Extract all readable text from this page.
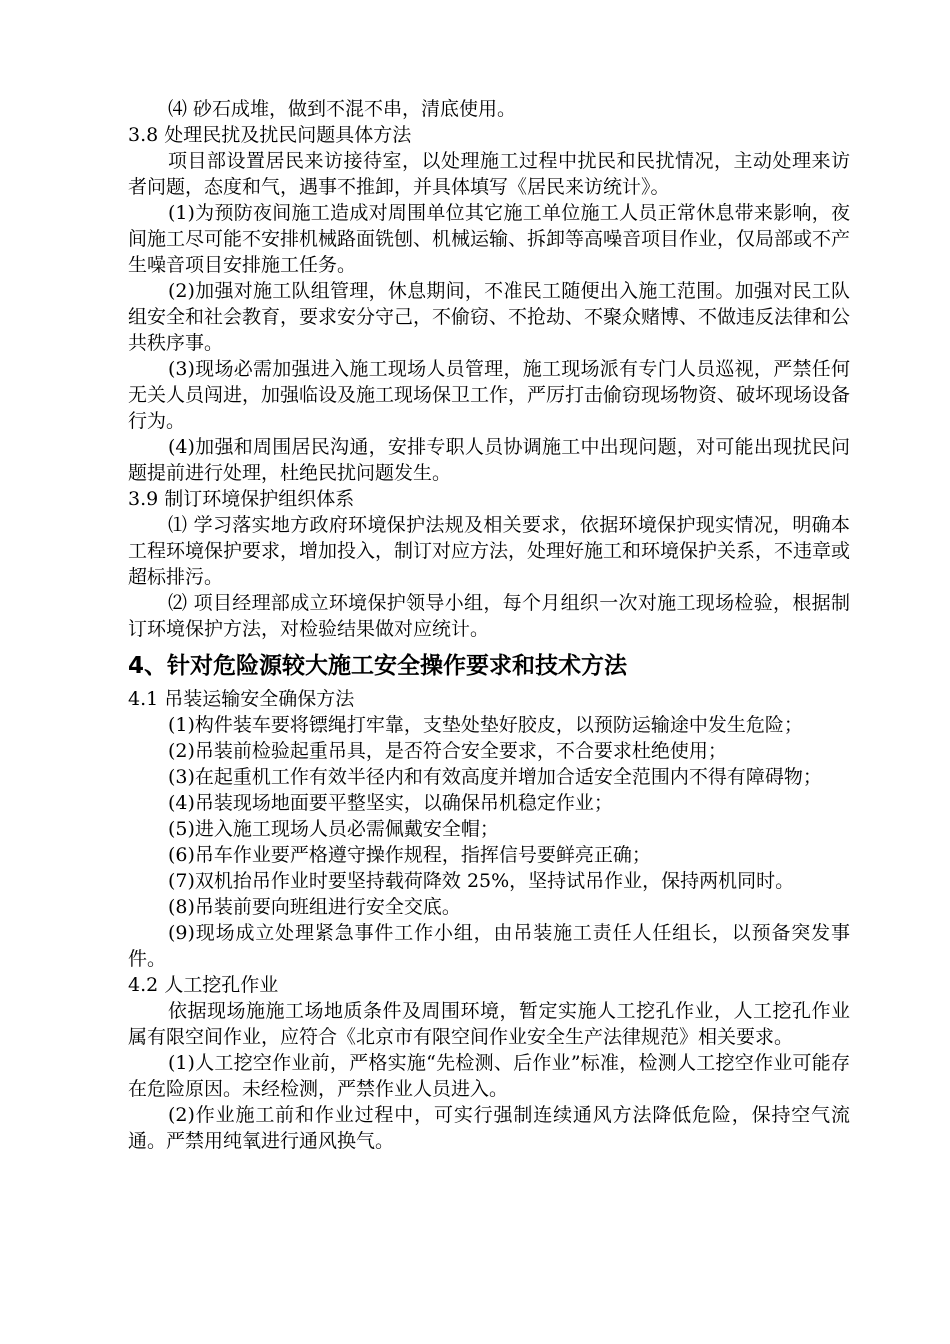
⑷ 砂石成堆，做到不混不串，清底使用。

3.8 处理民扰及扰民问题具体方法

项目部设置居民来访接待室，以处理施工过程中扰民和民扰情况，主动处理来访者问题，态度和气，遇事不推卸，并具体填写《居民来访统计》。

(1)为预防夜间施工造成对周围单位其它施工单位施工人员正常休息带来影响，夜间施工尽可能不安排机械路面铣刨、机械运输、拆卸等高噪音项目作业，仅局部或不产生噪音项目安排施工任务。

(2)加强对施工队组管理，休息期间，不准民工随便出入施工范围。加强对民工队组安全和社会教育，要求安分守己，不偷窃、不抢劫、不聚众赌博、不做违反法律和公共秩序事。

(3)现场必需加强进入施工现场人员管理，施工现场派有专门人员巡视，严禁任何无关人员闯进，加强临设及施工现场保卫工作，严厉打击偷窃现场物资、破坏现场设备行为。

(4)加强和周围居民沟通，安排专职人员协调施工中出现问题，对可能出现扰民问题提前进行处理，杜绝民扰问题发生。

3.9 制订环境保护组织体系

⑴ 学习落实地方政府环境保护法规及相关要求，依据环境保护现实情况，明确本工程环境保护要求，增加投入，制订对应方法，处理好施工和环境保护关系，不违章或超标排污。

⑵ 项目经理部成立环境保护领导小组，每个月组织一次对施工现场检验，根据制订环境保护方法，对检验结果做对应统计。

4、针对危险源较大施工安全操作要求和技术方法

4.1 吊装运输安全确保方法

(1)构件装车要将镖绳打牢靠，支垫处垫好胶皮，以预防运输途中发生危险；

(2)吊装前检验起重吊具，是否符合安全要求，不合要求杜绝使用；

(3)在起重机工作有效半径内和有效高度并增加合适安全范围内不得有障碍物；

(4)吊装现场地面要平整坚实，以确保吊机稳定作业；

(5)进入施工现场人员必需佩戴安全帽；

(6)吊车作业要严格遵守操作规程，指挥信号要鲜亮正确；

(7)双机抬吊作业时要坚持载荷降效 25%，坚持试吊作业，保持两机同时。

(8)吊装前要向班组进行安全交底。

(9)现场成立处理紧急事件工作小组，由吊装施工责任人任组长，以预备突发事件。

4.2 人工挖孔作业

依据现场施施工场地质条件及周围环境，暂定实施人工挖孔作业，人工挖孔作业属有限空间作业，应符合《北京市有限空间作业安全生产法律规范》相关要求。

(1)人工挖空作业前，严格实施“先检测、后作业”标准，检测人工挖空作业可能存在危险原因。未经检测，严禁作业人员进入。

(2)作业施工前和作业过程中，可实行强制连续通风方法降低危险，保持空气流通。严禁用纯氧进行通风换气。
